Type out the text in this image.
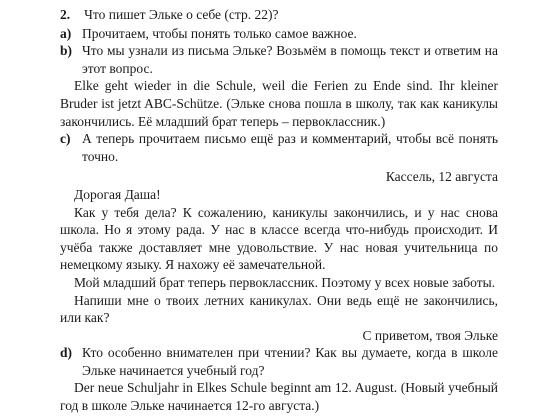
2. Что пишет Эльке о себе (стр. 22)?

a) Прочитаем, чтобы понять только самое важное.

b) Что мы узнали из письма Эльке? Возьмём в помощь текст и ответим на этот вопрос.

Elke geht wieder in die Schule, weil die Ferien zu Ende sind. Ihr kleiner Bruder ist jetzt ABC-Schütze. (Эльке снова пошла в школу, так как каникулы закончились. Её младший брат теперь – первоклассник.)

c) А теперь прочитаем письмо ещё раз и комментарий, чтобы всё понять точно.

Кассель, 12 августа

Дорогая Даша!

Как у тебя дела? К сожалению, каникулы закончились, и у нас снова школа. Но я этому рада. У нас в классе всегда что-нибудь происходит. И учёба также доставляет мне удовольствие. У нас новая учительница по немецкому языку. Я нахожу её замечательной.

Мой младший брат теперь первоклассник. Поэтому у всех новые заботы.

Напиши мне о твоих летних каникулах. Они ведь ещё не закончились, или как?

С приветом, твоя Эльке

d) Кто особенно внимателен при чтении? Как вы думаете, когда в школе Эльке начинается учебный год?

Der neue Schuljahr in Elkes Schule beginnt am 12. August. (Новый учебный год в школе Эльке начинается 12-го августа.)
